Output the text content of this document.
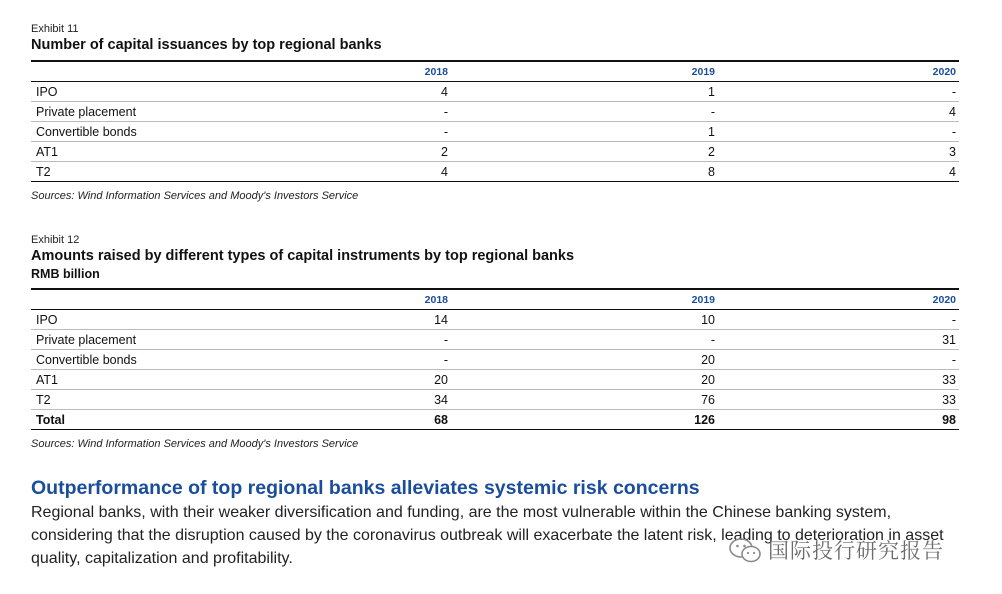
Exhibit 11
Number of capital issuances by top regional banks
	2018	2019	2020
IPO	4	1	-
Private placement	-	-	4
Convertible bonds	-	1	-
AT1	2	2	3
T2	4	8	4
Sources: Wind Information Services and Moody's Investors Service
Exhibit 12
Amounts raised by different types of capital instruments by top regional banks
RMB billion
	2018	2019	2020
IPO	14	10	-
Private placement	-	-	31
Convertible bonds	-	20	-
AT1	20	20	33
T2	34	76	33
Total	68	126	98
Sources: Wind Information Services and Moody's Investors Service
Outperformance of top regional banks alleviates systemic risk concerns

Regional banks, with their weaker diversification and funding, are the most vulnerable within the Chinese banking system, considering that the disruption caused by the coronavirus outbreak will exacerbate the latent risk, leading to deterioration in asset quality, capitalization and profitability.	国际投行研究报告
